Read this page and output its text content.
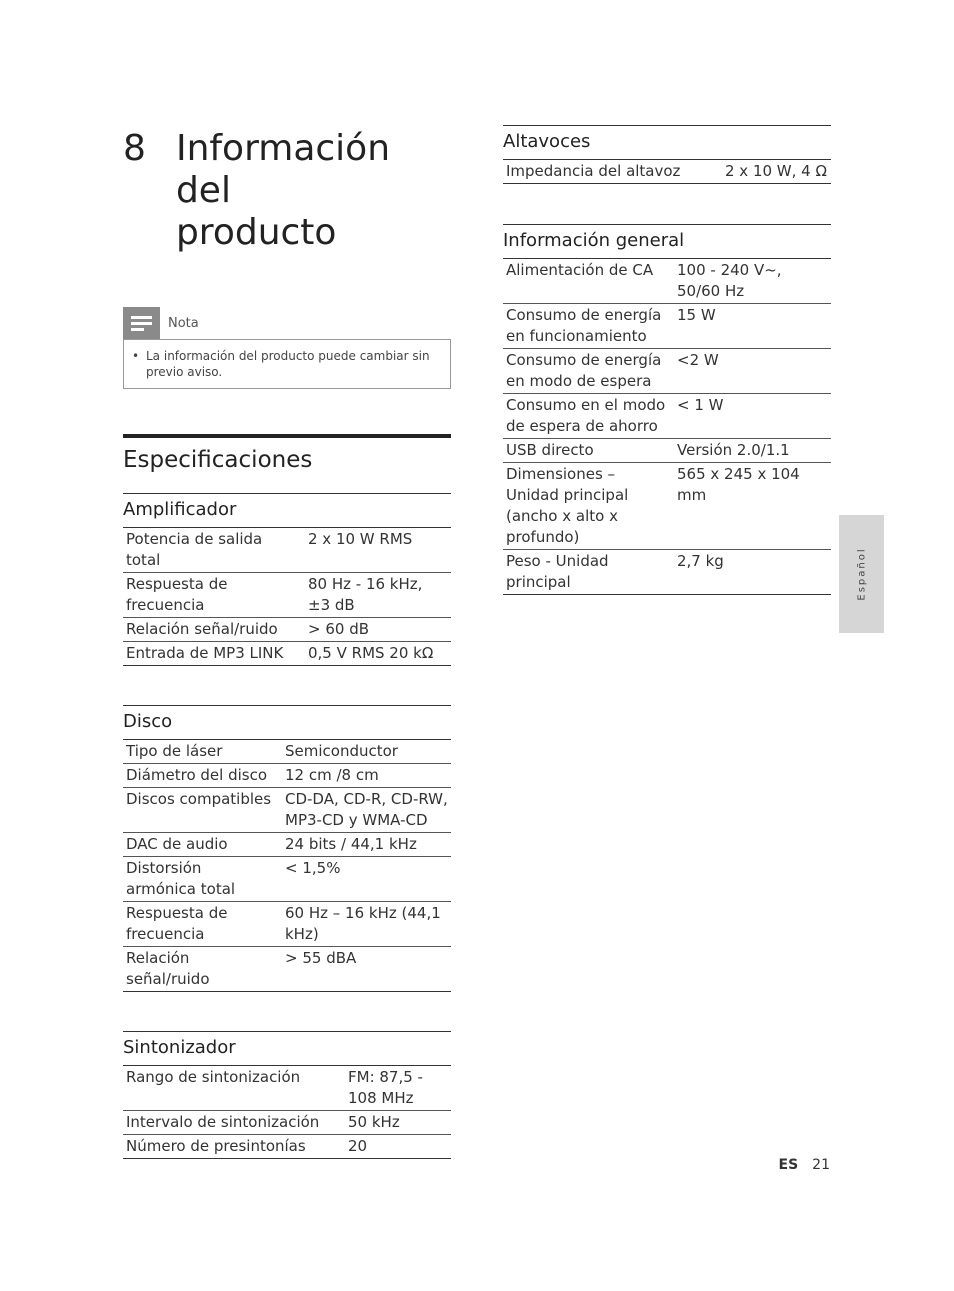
8 Información del
producto
Nota
• La información del producto puede cambiar sin previo aviso.
Especificaciones
Amplificador
Potencia de salida total	2 x 10 W RMS
Respuesta de frecuencia	80 Hz - 16 kHz, ±3 dB
Relación señal/ruido	> 60 dB
Entrada de MP3 LINK	0,5 V RMS 20 kΩ
Disco
Tipo de láser	Semiconductor
Diámetro del disco	12 cm /8 cm
Discos compatibles	CD-DA, CD-R, CD-RW, MP3-CD y WMA-CD
DAC de audio	24 bits / 44,1 kHz
Distorsión armónica total	< 1,5%
Respuesta de frecuencia	60 Hz – 16 kHz (44,1 kHz)
Relación señal/ruido	> 55 dBA
Sintonizador
Rango de sintonización	FM: 87,5 - 108 MHz
Intervalo de sintonización	50 kHz
Número de presintonías	20
Altavoces
Impedancia del altavoz	2 x 10 W, 4 Ω
Información general
Alimentación de CA	100 - 240 V~, 50/60 Hz
Consumo de energía en funcionamiento	15 W
Consumo de energía en modo de espera	<2 W
Consumo en el modo de espera de ahorro	< 1 W
USB directo	Versión 2.0/1.1
Dimensiones – Unidad principal (ancho x alto x profundo)	565 x 245 x 104 mm
Peso - Unidad principal	2,7 kg	Español
ES 21
